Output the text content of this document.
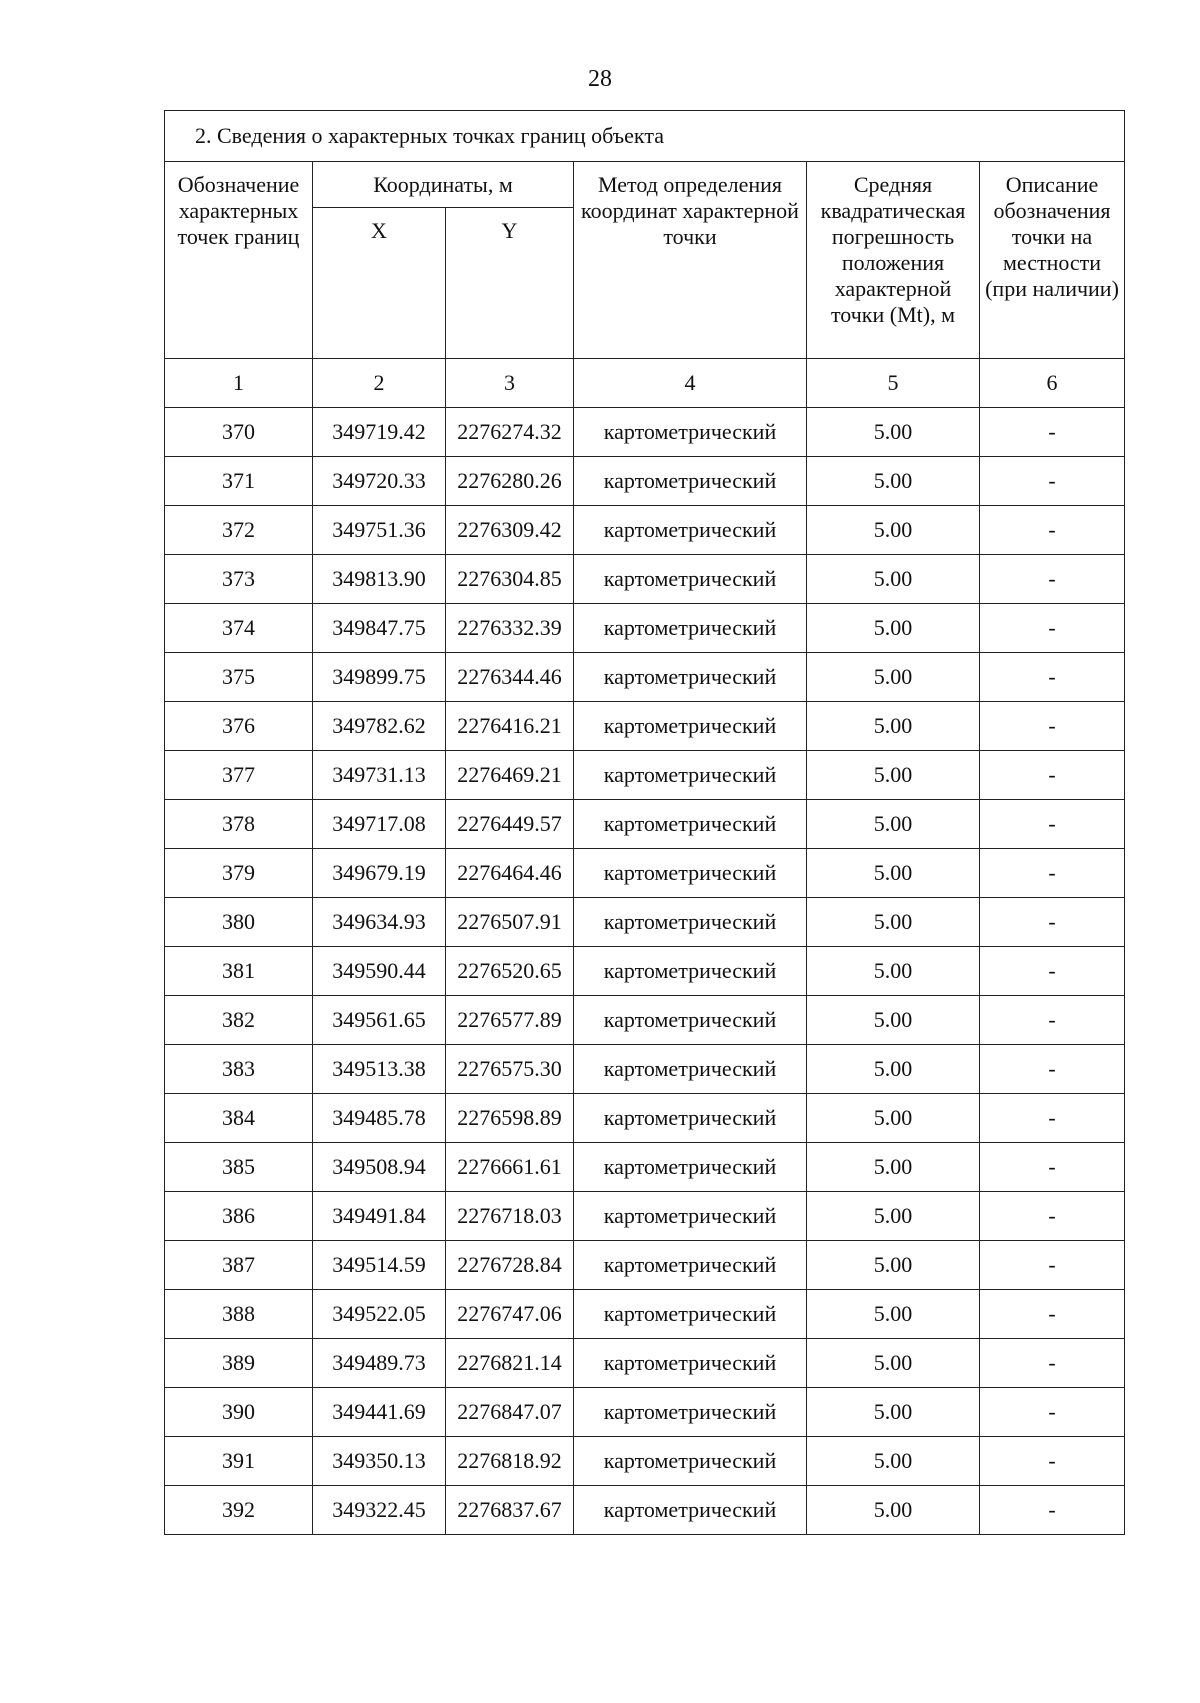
28
2. Сведения о характерных точках границ объекта					
Обозначение характерных точек границ	Координаты, м		Метод определения координат характерной точки	Средняя квадратическая погрешность положения характерной точки (Mt), м	Описание обозначения точки на местности (при наличии)
	X	Y			
1	2	3	4	5	6
370	349719.42	2276274.32	картометрический	5.00	-
371	349720.33	2276280.26	картометрический	5.00	-
372	349751.36	2276309.42	картометрический	5.00	-
373	349813.90	2276304.85	картометрический	5.00	-
374	349847.75	2276332.39	картометрический	5.00	-
375	349899.75	2276344.46	картометрический	5.00	-
376	349782.62	2276416.21	картометрический	5.00	-
377	349731.13	2276469.21	картометрический	5.00	-
378	349717.08	2276449.57	картометрический	5.00	-
379	349679.19	2276464.46	картометрический	5.00	-
380	349634.93	2276507.91	картометрический	5.00	-
381	349590.44	2276520.65	картометрический	5.00	-
382	349561.65	2276577.89	картометрический	5.00	-
383	349513.38	2276575.30	картометрический	5.00	-
384	349485.78	2276598.89	картометрический	5.00	-
385	349508.94	2276661.61	картометрический	5.00	-
386	349491.84	2276718.03	картометрический	5.00	-
387	349514.59	2276728.84	картометрический	5.00	-
388	349522.05	2276747.06	картометрический	5.00	-
389	349489.73	2276821.14	картометрический	5.00	-
390	349441.69	2276847.07	картометрический	5.00	-
391	349350.13	2276818.92	картометрический	5.00	-
392	349322.45	2276837.67	картометрический	5.00	-
